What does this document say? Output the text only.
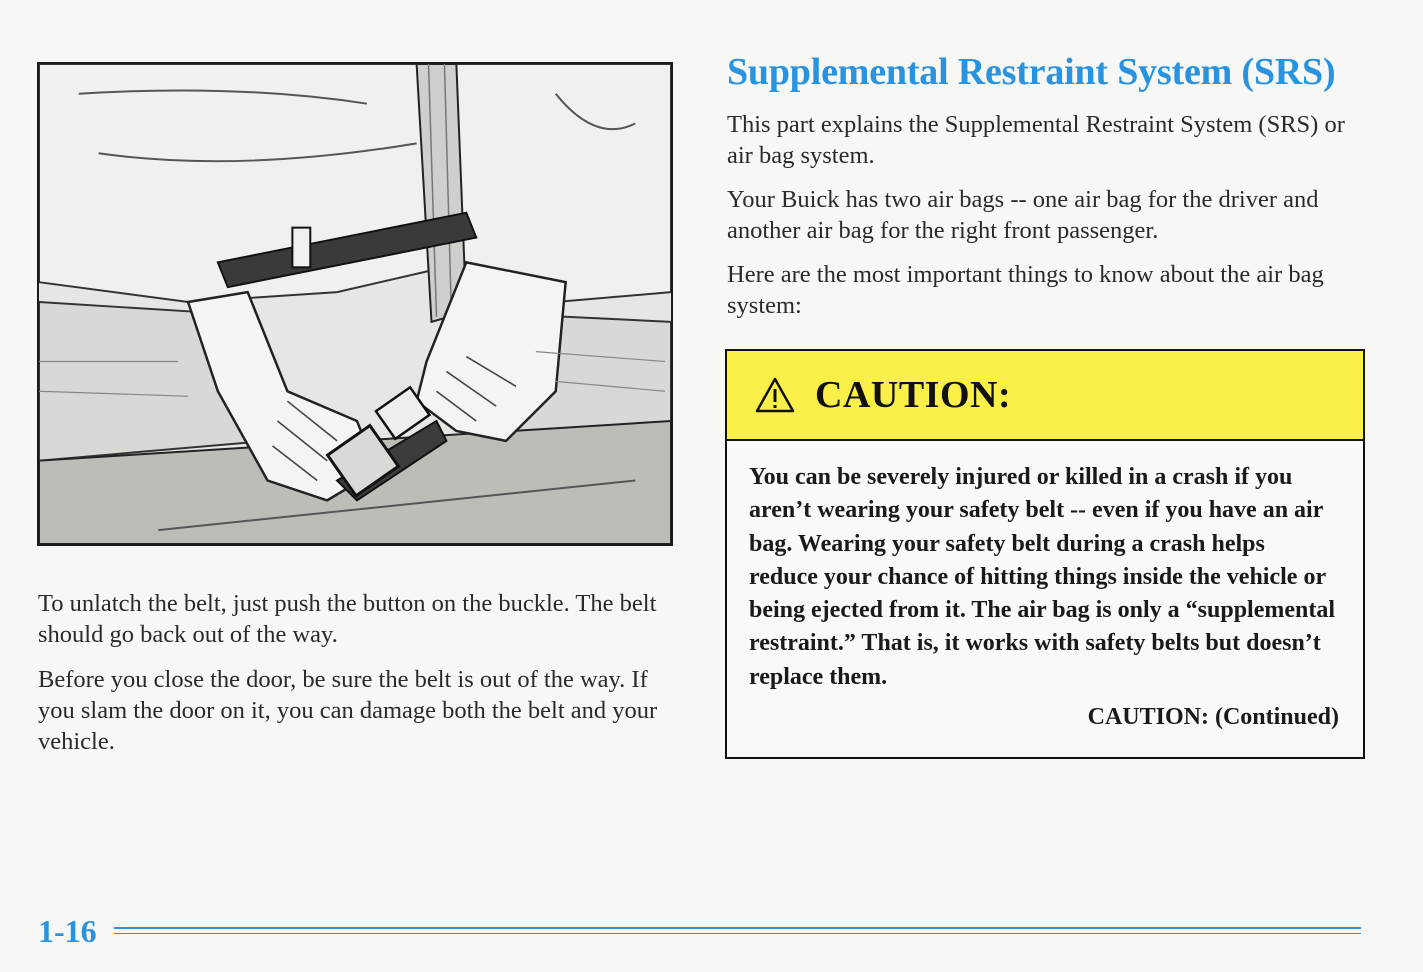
To unlatch the belt, just push the button on the buckle. The belt should go back out of the way.

Before you close the door, be sure the belt is out of the way. If you slam the door on it, you can damage both the belt and your vehicle.

Supplemental Restraint System (SRS)

This part explains the Supplemental Restraint System (SRS) or air bag system.

Your Buick has two air bags -- one air bag for the driver and another air bag for the right front passenger.

Here are the most important things to know about the air bag system:

CAUTION:

You can be severely injured or killed in a crash if you aren’t wearing your safety belt -- even if you have an air bag. Wearing your safety belt during a crash helps reduce your chance of hitting things inside the vehicle or being ejected from it. The air bag is only a “supplemental restraint.” That is, it works with safety belts but doesn’t replace them.

CAUTION: (Continued)
1-16
